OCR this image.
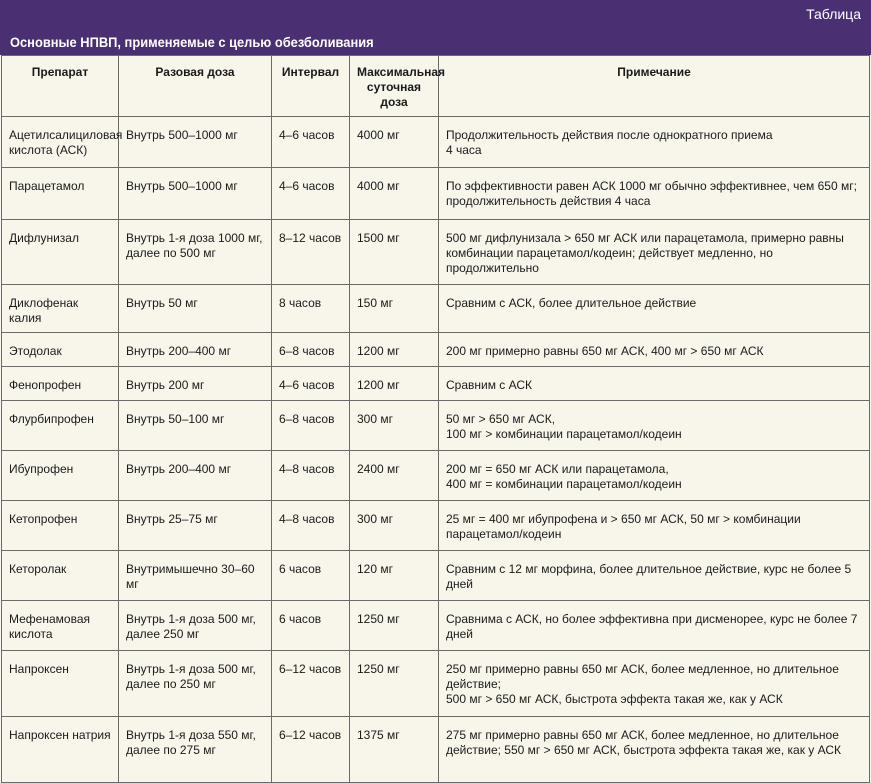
Таблица
Основные НПВП, применяемые с целью обезболивания
Препарат	Разовая доза	Интервал	Максимальная
суточная доза	Примечание
Ацетилсалициловая кислота (АСК)	Внутрь 500–1000 мг	4–6 часов	4000 мг	Продолжительность действия после однократного приема
4 часа

Парацетамол	Внутрь 500–1000 мг	4–6 часов	4000 мг	По эффективности равен АСК 1000 мг обычно эффективнее, чем 650 мг; продолжительность действия 4 часа

Дифлунизал	Внутрь 1-я доза 1000 мг, далее по 500 мг	8–12 часов	1500 мг	500 мг дифлунизала > 650 мг АСК или парацетамола, примерно равны комбинации парацетамол/кодеин; действует медленно, но продолжительно

Диклофенак калия	Внутрь 50 мг	8 часов	150 мг	Сравним с АСК, более длительное действие

Этодолак	Внутрь 200–400 мг	6–8 часов	1200 мг	200 мг примерно равны 650 мг АСК, 400 мг > 650 мг АСК

Фенопрофен	Внутрь 200 мг	4–6 часов	1200 мг	Сравним с АСК

Флурбипрофен	Внутрь 50–100 мг	6–8 часов	300 мг	50 мг > 650 мг АСК,
100 мг > комбинации парацетамол/кодеин

Ибупрофен	Внутрь 200–400 мг	4–8 часов	2400 мг	200 мг = 650 мг АСК или парацетамола,
400 мг = комбинации парацетамол/кодеин

Кетопрофен	Внутрь 25–75 мг	4–8 часов	300 мг	25 мг = 400 мг ибупрофена и > 650 мг АСК, 50 мг > комбинации парацетамол/кодеин

Кеторолак	Внутримышечно 30–60 мг	6 часов	120 мг	Сравним с 12 мг морфина, более длительное действие, курс не более 5 дней

Мефенамовая кислота	Внутрь 1-я доза 500 мг, далее 250 мг	6 часов	1250 мг	Сравнима с АСК, но более эффективна при дисменорее, курс не более 7 дней

Напроксен	Внутрь 1-я доза 500 мг, далее по 250 мг	6–12 часов	1250 мг	250 мг примерно равны 650 мг АСК, более медленное, но длительное действие;
500 мг > 650 мг АСК, быстрота эффекта такая же, как у АСК

Напроксен натрия	Внутрь 1-я доза 550 мг, далее по 275 мг	6–12 часов	1375 мг	275 мг примерно равны 650 мг АСК, более медленное, но длительное действие; 550 мг > 650 мг АСК, быстрота эффекта такая же, как у АСК
